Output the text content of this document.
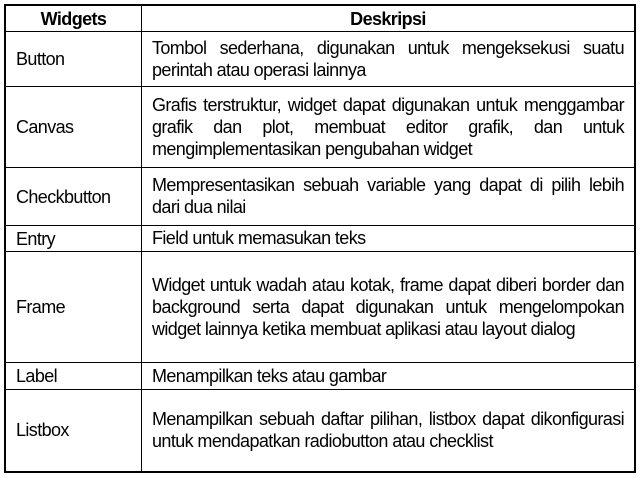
Widgets	Deskripsi
Button	Tombol sederhana, digunakan untuk mengeksekusi suatu perintah atau operasi lainnya
Canvas	Grafis terstruktur, widget dapat digunakan untuk menggambar grafik dan plot, membuat editor grafik, dan untuk mengimplementasikan pengubahan widget
Checkbutton	Mempresentasikan sebuah variable yang dapat di pilih lebih dari dua nilai
Entry	Field untuk memasukan teks
Frame	Widget untuk wadah atau kotak, frame dapat diberi border dan background serta dapat digunakan untuk mengelompokan widget lainnya ketika membuat aplikasi atau layout dialog
Label	Menampilkan teks atau gambar
Listbox	Menampilkan sebuah daftar pilihan, listbox dapat dikonfigurasi untuk mendapatkan radiobutton atau checklist
